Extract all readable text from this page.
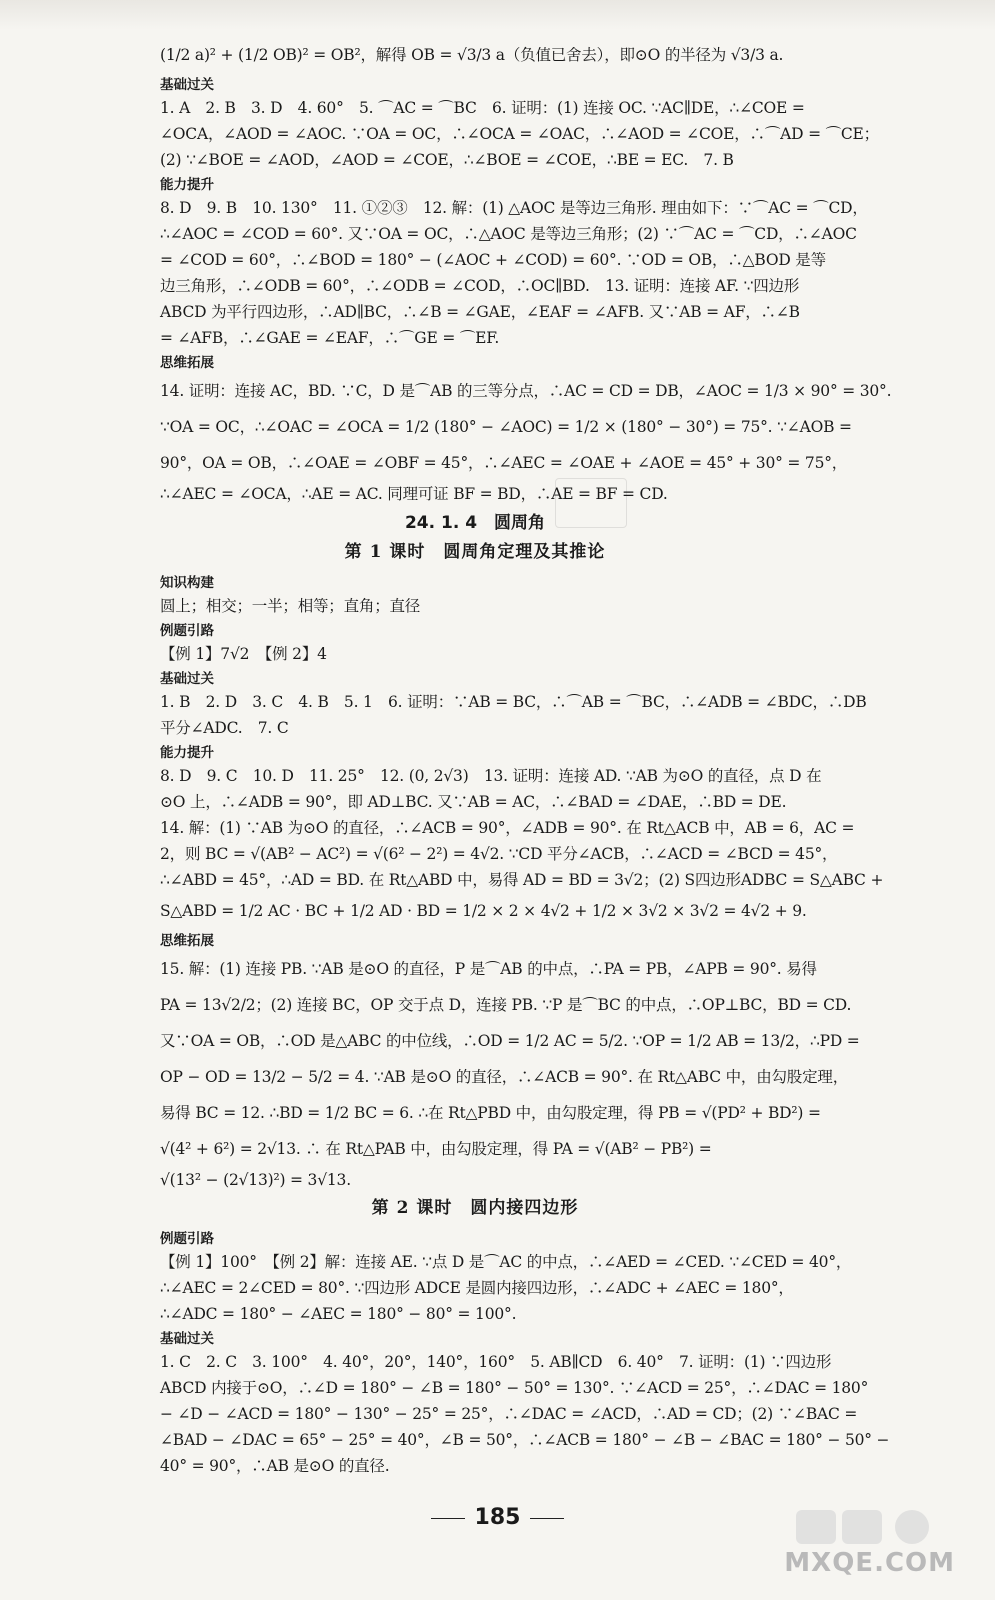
(1/2 a)² + (1/2 OB)² = OB²，解得 OB = √3/3 a（负值已舍去），即⊙O 的半径为 √3/3 a.
基础过关
1. A　2. B　3. D　4. 60°　5. ⌒AC = ⌒BC　6. 证明：(1) 连接 OC. ∵AC∥DE，∴∠COE =
∠OCA，∠AOD = ∠AOC. ∵OA = OC，∴∠OCA = ∠OAC，∴∠AOD = ∠COE，∴⌒AD = ⌒CE；
(2) ∵∠BOE = ∠AOD，∠AOD = ∠COE，∴∠BOE = ∠COE，∴BE = EC.　7. B
能力提升
8. D　9. B　10. 130°　11. ①②③　12. 解：(1) △AOC 是等边三角形. 理由如下：∵⌒AC = ⌒CD，
∴∠AOC = ∠COD = 60°. 又∵OA = OC，∴△AOC 是等边三角形；(2) ∵⌒AC = ⌒CD，∴∠AOC
= ∠COD = 60°，∴∠BOD = 180° − (∠AOC + ∠COD) = 60°. ∵OD = OB，∴△BOD 是等
边三角形，∴∠ODB = 60°，∴∠ODB = ∠COD，∴OC∥BD.　13. 证明：连接 AF. ∵四边形
ABCD 为平行四边形，∴AD∥BC，∴∠B = ∠GAE，∠EAF = ∠AFB. 又∵AB = AF，∴∠B
= ∠AFB，∴∠GAE = ∠EAF，∴⌒GE = ⌒EF.
思维拓展
14. 证明：连接 AC，BD. ∵C，D 是⌒AB 的三等分点，∴AC = CD = DB，∠AOC = 1/3 × 90° = 30°.
∵OA = OC，∴∠OAC = ∠OCA = 1/2 (180° − ∠AOC) = 1/2 × (180° − 30°) = 75°. ∵∠AOB =
90°，OA = OB，∴∠OAE = ∠OBF = 45°，∴∠AEC = ∠OAE + ∠AOE = 45° + 30° = 75°，
∴∠AEC = ∠OCA，∴AE = AC. 同理可证 BF = BD，∴AE = BF = CD.
24. 1. 4　圆周角
第 1 课时　圆周角定理及其推论
知识构建
圆上；相交；一半；相等；直角；直径
例题引路
【例 1】7√2　【例 2】4
基础过关
1. B　2. D　3. C　4. B　5. 1　6. 证明：∵AB = BC，∴⌒AB = ⌒BC，∴∠ADB = ∠BDC，∴DB
平分∠ADC.　7. C
能力提升
8. D　9. C　10. D　11. 25°　12. (0, 2√3)　13. 证明：连接 AD. ∵AB 为⊙O 的直径，点 D 在
⊙O 上，∴∠ADB = 90°，即 AD⊥BC. 又∵AB = AC，∴∠BAD = ∠DAE，∴BD = DE.
14. 解：(1) ∵AB 为⊙O 的直径，∴∠ACB = 90°，∠ADB = 90°. 在 Rt△ACB 中，AB = 6，AC =
2，则 BC = √(AB² − AC²) = √(6² − 2²) = 4√2. ∵CD 平分∠ACB，∴∠ACD = ∠BCD = 45°，
∴∠ABD = 45°，∴AD = BD. 在 Rt△ABD 中，易得 AD = BD = 3√2；(2) S四边形ADBC = S△ABC +
S△ABD = 1/2 AC · BC + 1/2 AD · BD = 1/2 × 2 × 4√2 + 1/2 × 3√2 × 3√2 = 4√2 + 9.
思维拓展
15. 解：(1) 连接 PB. ∵AB 是⊙O 的直径，P 是⌒AB 的中点，∴PA = PB，∠APB = 90°. 易得
PA = 13√2/2；(2) 连接 BC，OP 交于点 D，连接 PB. ∵P 是⌒BC 的中点，∴OP⊥BC，BD = CD.
又∵OA = OB，∴OD 是△ABC 的中位线，∴OD = 1/2 AC = 5/2. ∵OP = 1/2 AB = 13/2，∴PD =
OP − OD = 13/2 − 5/2 = 4. ∵AB 是⊙O 的直径，∴∠ACB = 90°. 在 Rt△ABC 中，由勾股定理，
易得 BC = 12. ∴BD = 1/2 BC = 6. ∴在 Rt△PBD 中，由勾股定理，得 PB = √(PD² + BD²) =
√(4² + 6²) = 2√13. ∴ 在 Rt△PAB 中，由勾股定理，得 PA = √(AB² − PB²) =
√(13² − (2√13)²) = 3√13.
第 2 课时　圆内接四边形
例题引路
【例 1】100°　【例 2】解：连接 AE. ∵点 D 是⌒AC 的中点，∴∠AED = ∠CED. ∵∠CED = 40°，
∴∠AEC = 2∠CED = 80°. ∵四边形 ADCE 是圆内接四边形，∴∠ADC + ∠AEC = 180°，
∴∠ADC = 180° − ∠AEC = 180° − 80° = 100°.
基础过关
1. C　2. C　3. 100°　4. 40°，20°，140°，160°　5. AB∥CD　6. 40°　7. 证明：(1) ∵四边形
ABCD 内接于⊙O，∴∠D = 180° − ∠B = 180° − 50° = 130°. ∵∠ACD = 25°，∴∠DAC = 180°
− ∠D − ∠ACD = 180° − 130° − 25° = 25°，∴∠DAC = ∠ACD，∴AD = CD；(2) ∵∠BAC =
∠BAD − ∠DAC = 65° − 25° = 40°，∠B = 50°，∴∠ACB = 180° − ∠B − ∠BAC = 180° − 50° −
40° = 90°，∴AB 是⊙O 的直径.
185
MXQE.COM
